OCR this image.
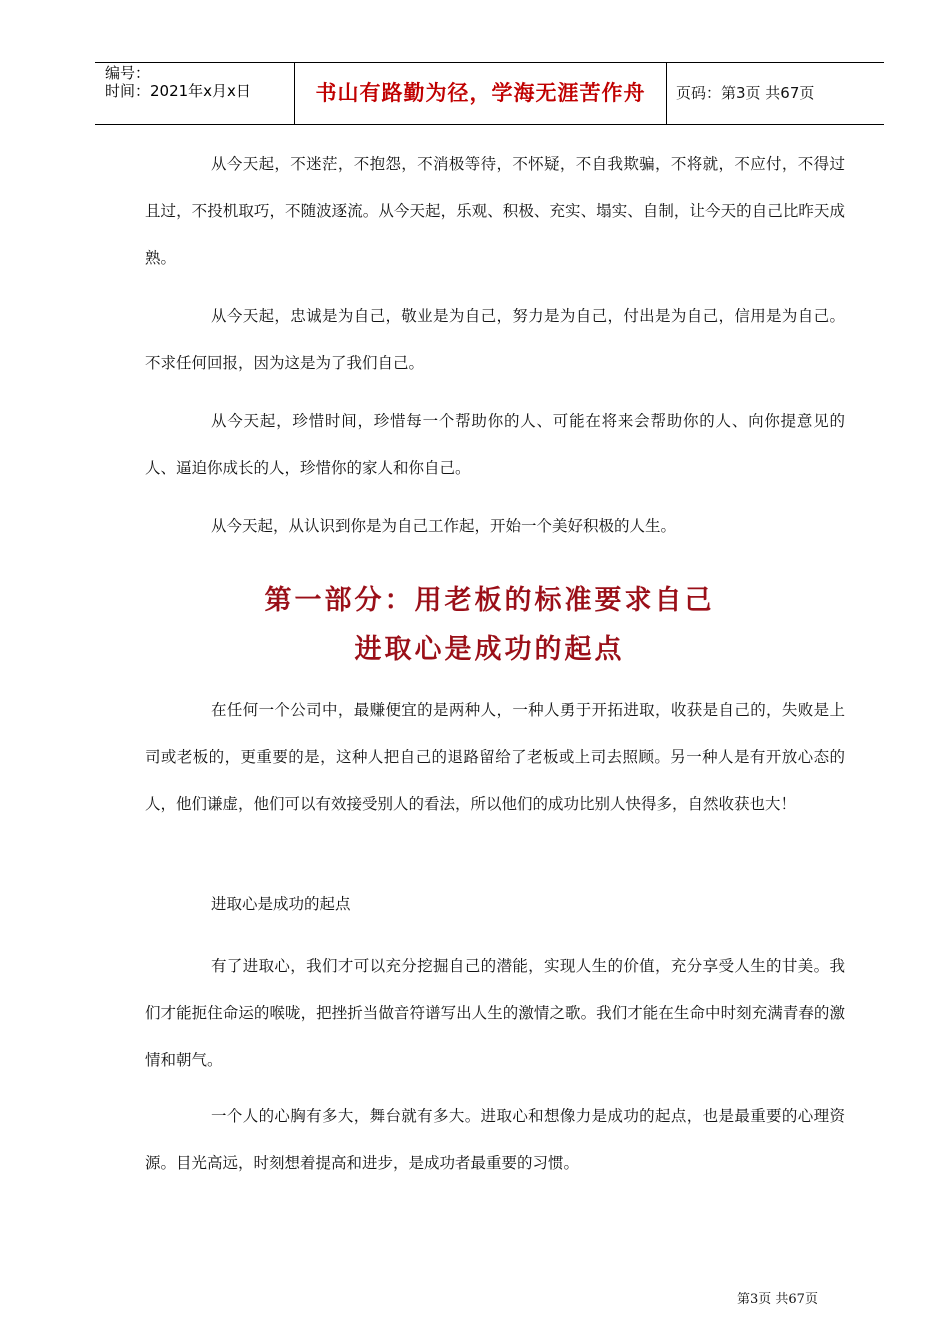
编号：
时间：2021年x月x日	书山有路勤为径，学海无涯苦作舟	页码：第3页 共67页

从今天起，不迷茫，不抱怨，不消极等待，不怀疑，不自我欺骗，不将就，不应付，不得过且过，不投机取巧，不随波逐流。从今天起，乐观、积极、充实、塌实、自制，让今天的自己比昨天成熟。

从今天起，忠诚是为自己，敬业是为自己，努力是为自己，付出是为自己，信用是为自己。不求任何回报，因为这是为了我们自己。

从今天起，珍惜时间，珍惜每一个帮助你的人、可能在将来会帮助你的人、向你提意见的人、逼迫你成长的人，珍惜你的家人和你自己。

从今天起，从认识到你是为自己工作起，开始一个美好积极的人生。

第一部分：用老板的标准要求自己
进取心是成功的起点

在任何一个公司中，最赚便宜的是两种人，一种人勇于开拓进取，收获是自己的，失败是上司或老板的，更重要的是，这种人把自己的退路留给了老板或上司去照顾。另一种人是有开放心态的人，他们谦虚，他们可以有效接受别人的看法，所以他们的成功比别人快得多，自然收获也大！

进取心是成功的起点

有了进取心，我们才可以充分挖掘自己的潜能，实现人生的价值，充分享受人生的甘美。我们才能扼住命运的喉咙，把挫折当做音符谱写出人生的激情之歌。我们才能在生命中时刻充满青春的激情和朝气。

一个人的心胸有多大，舞台就有多大。进取心和想像力是成功的起点，也是最重要的心理资源。目光高远，时刻想着提高和进步，是成功者最重要的习惯。

第3页 共67页
